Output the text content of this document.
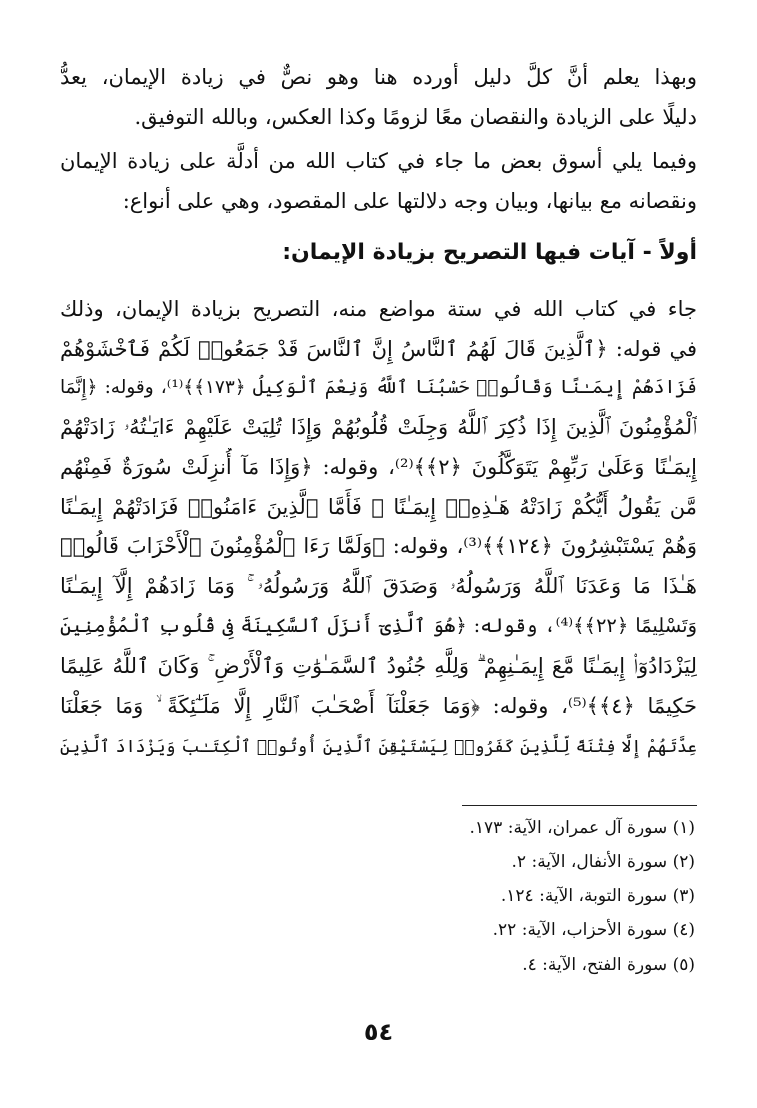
وبهذا يعلم أنَّ كلَّ دليل أورده هنا وهو نصٌّ في زيادة الإيمان، يعدُّ
دليلًا على الزيادة والنقصان معًا لزومًا وكذا العكس، وبالله التوفيق.
وفيما يلي أسوق بعض ما جاء في كتاب الله من أدلَّة على زيادة الإيمان
ونقصانه مع بيانها، وبيان وجه دلالتها على المقصود، وهي على أنواع:
أولاً - آيات فيها التصريح بزيادة الإيمان:
جاء في كتاب الله في ستة مواضع منه، التصريح بزيادة الإيمان، وذلك
في قوله: ﴿ٱلَّذِينَ قَالَ لَهُمُ ٱلنَّاسُ إِنَّ ٱلنَّاسَ قَدْ جَمَعُوا۟ لَكُمْ فَٱخْشَوْهُمْ
فَزَادَهُمْ إِيمَـٰنًا وَقَالُوا۟ حَسْبُنَا ٱللَّهُ وَنِعْمَ ٱلْوَكِيلُ ﴿١٧٣﴾﴾⁽¹⁾، وقوله: ﴿إِنَّمَا
ٱلْمُؤْمِنُونَ ٱلَّذِينَ إِذَا ذُكِرَ ٱللَّهُ وَجِلَتْ قُلُوبُهُمْ وَإِذَا تُلِيَتْ عَلَيْهِمْ ءَايَـٰتُهُۥ زَادَتْهُمْ
إِيمَـٰنًا وَعَلَىٰ رَبِّهِمْ يَتَوَكَّلُونَ ﴿٢﴾﴾⁽²⁾، وقوله: ﴿وَإِذَا مَآ أُنزِلَتْ سُورَةٌ فَمِنْهُم
مَّن يَقُولُ أَيُّكُمْ زَادَتْهُ هَـٰذِهِۦٓ إِيمَـٰنًا ۚ فَأَمَّا ٱلَّذِينَ ءَامَنُوا۟ فَزَادَتْهُمْ إِيمَـٰنًا
وَهُمْ يَسْتَبْشِرُونَ ﴿١٢٤﴾﴾⁽³⁾، وقوله: ﴿وَلَمَّا رَءَا ٱلْمُؤْمِنُونَ ٱلْأَحْزَابَ قَالُوا۟
هَـٰذَا مَا وَعَدَنَا ٱللَّهُ وَرَسُولُهُۥ وَصَدَقَ ٱللَّهُ وَرَسُولُهُۥ ۚ وَمَا زَادَهُمْ إِلَّآ إِيمَـٰنًا
وَتَسْلِيمًا ﴿٢٢﴾﴾⁽⁴⁾، وقوله: ﴿هُوَ ٱلَّذِىٓ أَنزَلَ ٱلسَّكِينَةَ فِى قُلُوبِ ٱلْمُؤْمِنِينَ
لِيَزْدَادُوٓا۟ إِيمَـٰنًا مَّعَ إِيمَـٰنِهِمْ ۗ وَلِلَّهِ جُنُودُ ٱلسَّمَـٰوَٰتِ وَٱلْأَرْضِ ۚ وَكَانَ ٱللَّهُ عَلِيمًا
حَكِيمًا ﴿٤﴾﴾⁽⁵⁾، وقوله: ﴿وَمَا جَعَلْنَآ أَصْحَـٰبَ ٱلنَّارِ إِلَّا مَلَـٰٓئِكَةً ۙ وَمَا جَعَلْنَا
عِدَّتَهُمْ إِلَّا فِتْنَةً لِّلَّذِينَ كَفَرُوا۟ لِيَسْتَيْقِنَ ٱلَّذِينَ أُوتُوا۟ ٱلْكِتَـٰبَ وَيَزْدَادَ ٱلَّذِينَ
(١) سورة آل عمران، الآية: ١٧٣.
(٢) سورة الأنفال، الآية: ٢.
(٣) سورة التوبة، الآية: ١٢٤.
(٤) سورة الأحزاب، الآية: ٢٢.
(٥) سورة الفتح، الآية: ٤.
٥٤
